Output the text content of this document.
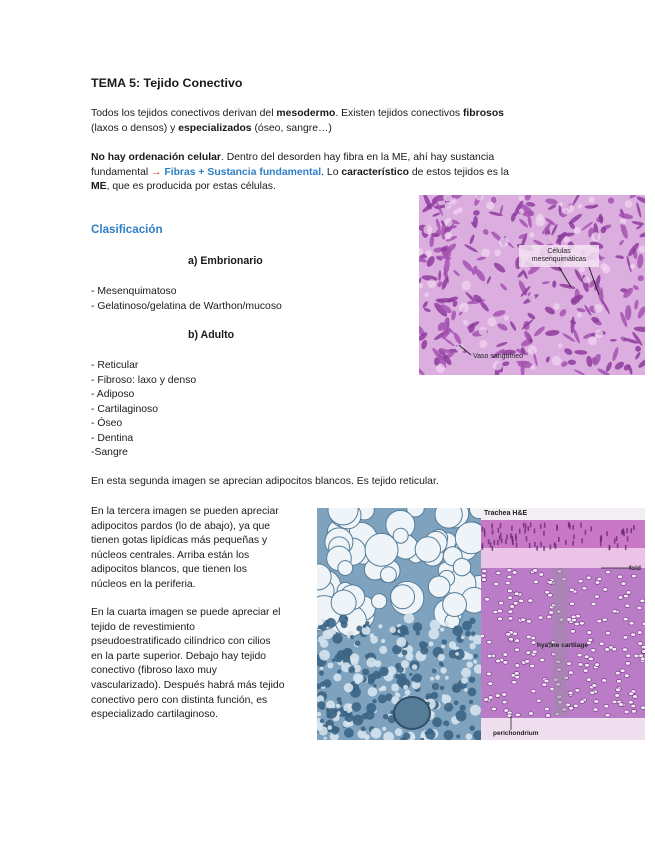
TEMA 5: Tejido Conectivo
Todos los tejidos conectivos derivan del mesodermo. Existen tejidos conectivos fibrosos
(laxos o densos) y especializados (óseo, sangre…)
No hay ordenación celular. Dentro del desorden hay fibra en la ME, ahí hay sustancia
fundamental → Fibras + Sustancia fundamental. Lo característico de estos tejidos es la
ME, que es producida por estas células.
Clasificación
a) Embrionario
- Mesenquimatoso
- Gelatinoso/gelatina de Warthon/mucoso
b) Adulto
- Reticular
- Fibroso: laxo y denso
- Adiposo
- Cartilaginoso
- Óseo
- Dentina
-Sangre
Células mesenquimáticas
Vaso sanguíneo
En esta segunda imagen se aprecian adipocitos blancos. Es tejido reticular.
En la tercera imagen se pueden apreciar
adipocitos pardos (lo de abajo), ya que
tienen gotas lipídicas más pequeñas y
núcleos centrales. Arriba están los
adipocitos blancos, que tienen los
núcleos en la periferia.
En la cuarta imagen se puede apreciar el
tejido de revestimiento
pseudoestratificado cilíndrico con cilios
en la parte superior. Debajo hay tejido
conectivo (fibroso laxo muy
vascularizado). Después habrá más tejido
conectivo pero con distinta función, es
especializado cartilaginoso.
Trachea H&E
fold
hyaline cartilage
perichondrium
